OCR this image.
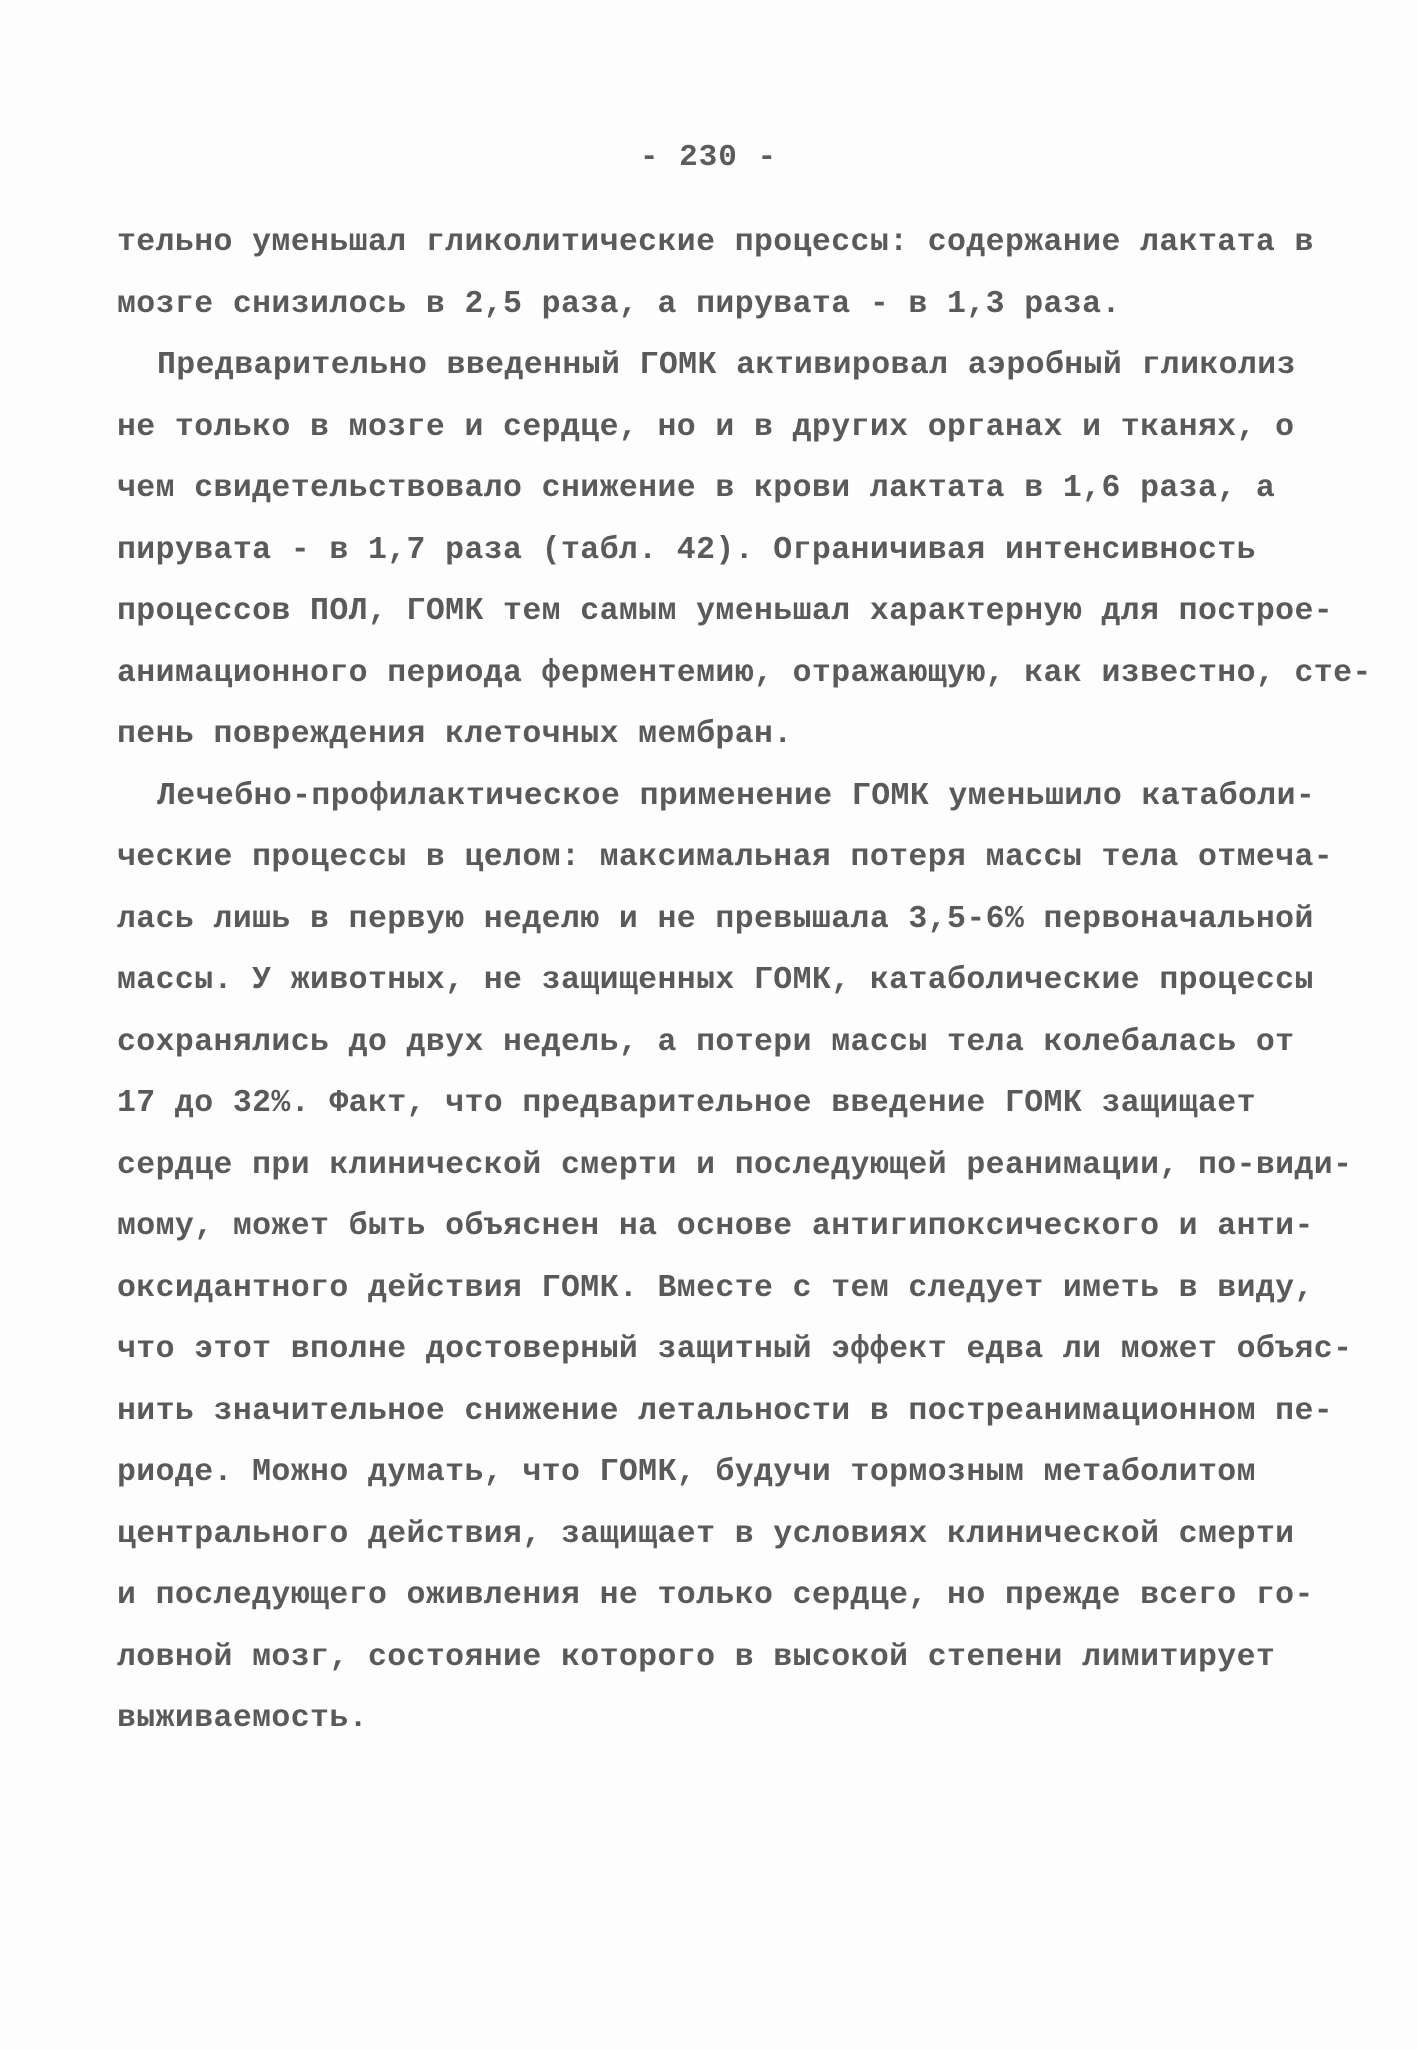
- 230 -
тельно уменьшал гликолитические процессы: содержание лактата в
мозге снизилось в 2,5 раза, а пирувата - в 1,3 раза.
Предварительно введенный ГОМК активировал аэробный гликолиз
не только в мозге и сердце, но и в других органах и тканях, о
чем свидетельствовало снижение в крови лактата в 1,6 раза, а
пирувата - в 1,7 раза (табл. 42). Ограничивая интенсивность
процессов ПОЛ, ГОМК тем самым уменьшал характерную для построе-
анимационного периода ферментемию, отражающую, как известно, сте-
пень повреждения клеточных мембран.
Лечебно-профилактическое применение ГОМК уменьшило катаболи-
ческие процессы в целом: максимальная потеря массы тела отмеча-
лась лишь в первую неделю и не превышала 3,5-6% первоначальной
массы. У животных, не защищенных ГОМК, катаболические процессы
сохранялись до двух недель, а потери массы тела колебалась от
17 до 32%. Факт, что предварительное введение ГОМК защищает
сердце при клинической смерти и последующей реанимации, по-види-
мому, может быть объяснен на основе антигипоксического и анти-
оксидантного действия ГОМК. Вместе с тем следует иметь в виду,
что этот вполне достоверный защитный эффект едва ли может объяс-
нить значительное снижение летальности в постреанимационном пе-
риоде. Можно думать, что ГОМК, будучи тормозным метаболитом
центрального действия, защищает в условиях клинической смерти
и последующего оживления не только сердце, но прежде всего го-
ловной мозг, состояние которого в высокой степени лимитирует
выживаемость.
